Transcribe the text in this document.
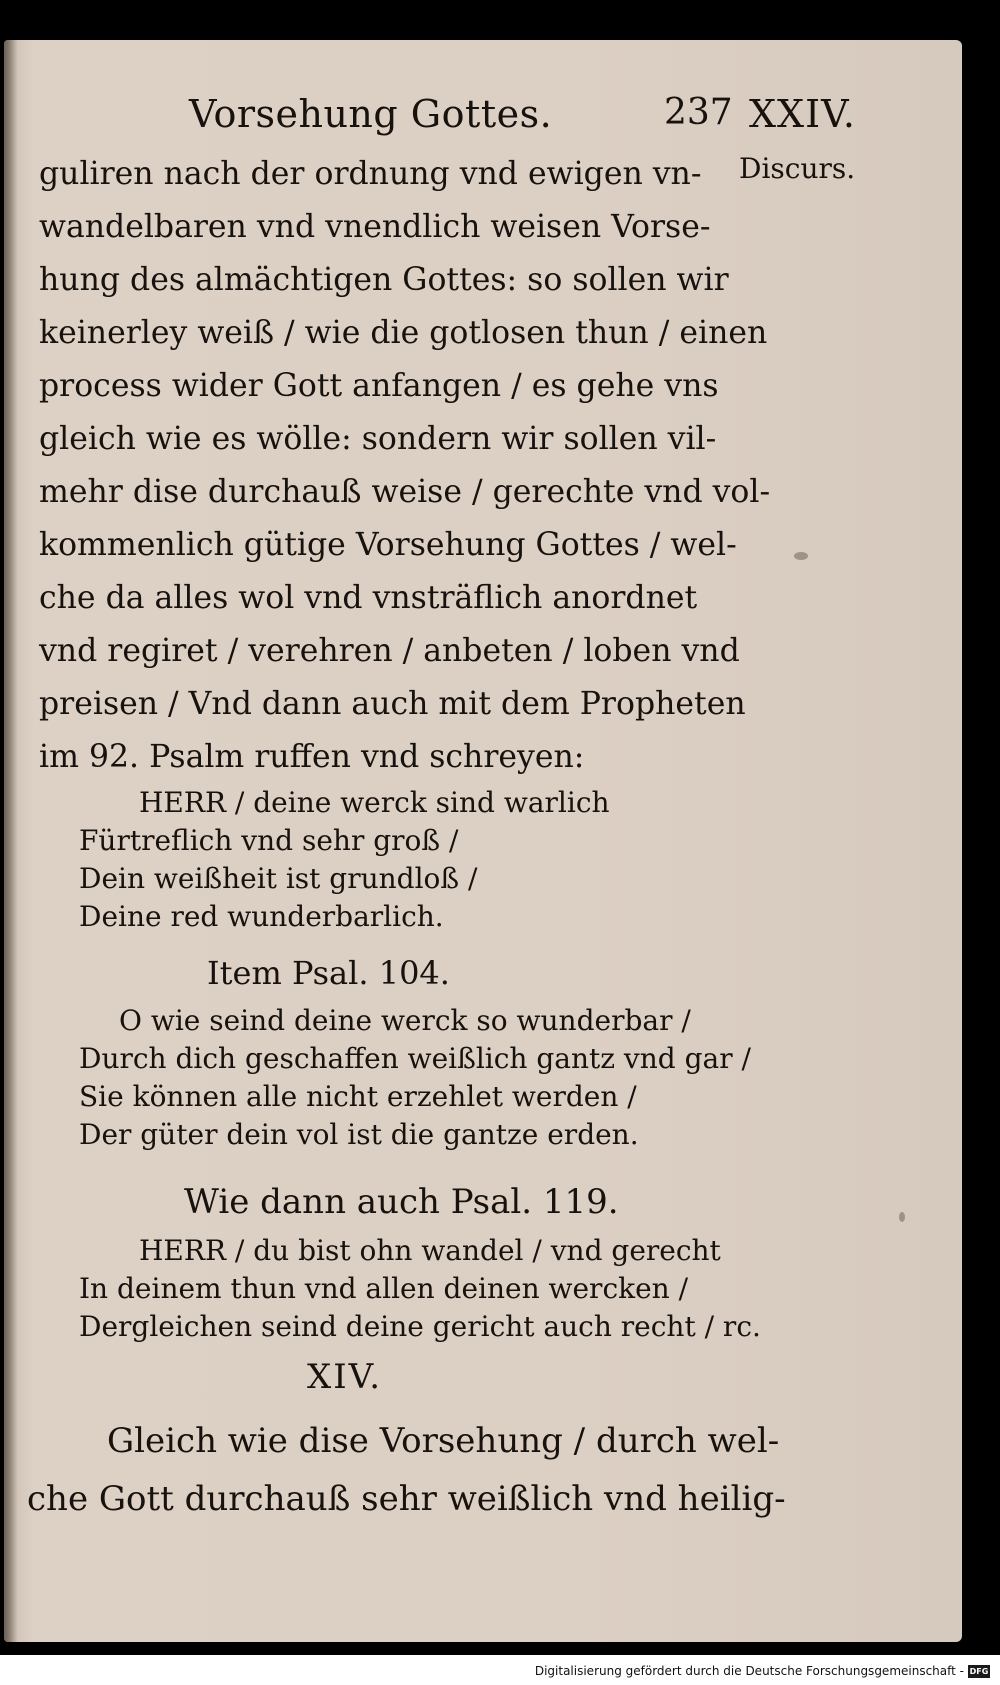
Vorsehung Gottes.	237 XXIV.
Discurs.
guliren nach der ordnung vnd ewigen vn-
wandelbaren vnd vnendlich weisen Vorse-
hung des almächtigen Gottes: so sollen wir
keinerley weiß / wie die gotlosen thun / einen
process wider Gott anfangen / es gehe vns
gleich wie es wölle: sondern wir sollen vil-
mehr dise durchauß weise / gerechte vnd vol-
kommenlich gütige Vorsehung Gottes / wel-
che da alles wol vnd vnsträflich anordnet
vnd regiret / verehren / anbeten / loben vnd
preisen / Vnd dann auch mit dem Propheten
im 92. Psalm ruffen vnd schreyen:
HERR / deine werck sind warlich
Fürtreflich vnd sehr groß /
Dein weißheit ist grundloß /
Deine red wunderbarlich.
Item Psal. 104.
O wie seind deine werck so wunderbar /
Durch dich geschaffen weißlich gantz vnd gar /
Sie können alle nicht erzehlet werden /
Der güter dein vol ist die gantze erden.
Wie dann auch Psal. 119.
HERR / du bist ohn wandel / vnd gerecht
In deinem thun vnd allen deinen wercken /
Dergleichen seind deine gericht auch recht / rc.
XIV.
Gleich wie dise Vorsehung / durch wel-
che Gott durchauß sehr weißlich vnd heilig-
Digitalisierung gefördert durch die Deutsche Forschungsgemeinschaft - DFG
